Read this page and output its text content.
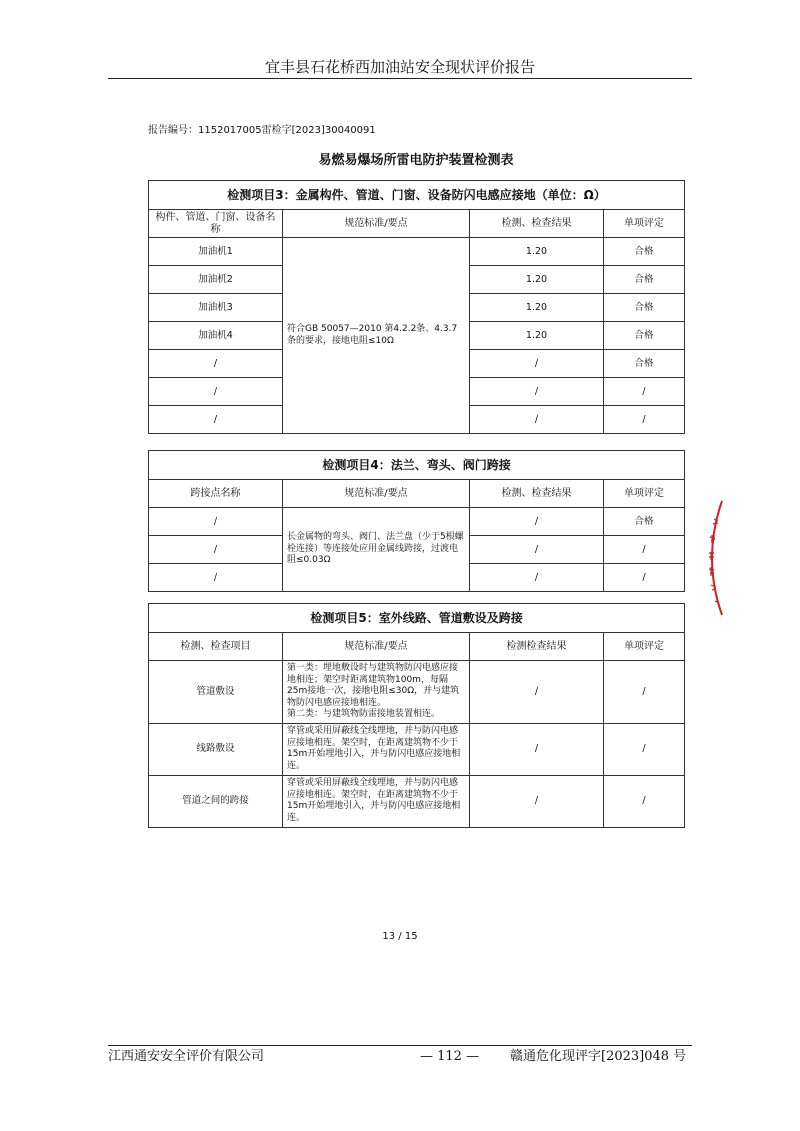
宜丰县石花桥西加油站安全现状评价报告
报告编号：1152017005雷检字[2023]30040091
易燃易爆场所雷电防护装置检测表
检测项目3：金属构件、管道、门窗、设备防闪电感应接地（单位：Ω）			
构件、管道、门窗、设备名称	规范标准/要点	检测、检查结果	单项评定
加油机1	符合GB 50057—2010 第4.2.2条、4.3.7条的要求，接地电阻≤10Ω	1.20	合格
加油机2		1.20	合格
加油机3		1.20	合格
加油机4		1.20	合格
/		/	合格
/		/	/
/		/	/
检测项目4：法兰、弯头、阀门跨接			
跨接点名称	规范标准/要点	检测、检查结果	单项评定
/	长金属物的弯头、阀门、法兰盘（少于5根螺栓连接）等连接处应用金属线跨接，过渡电阻≤0.03Ω	/	合格
/		/	/
/		/	/
检测项目5：室外线路、管道敷设及跨接			
检测、检查项目	规范标准/要点	检测检查结果	单项评定
管道敷设	第一类：埋地敷设时与建筑物防闪电感应接地相连；架空时距离建筑物100m，每隔25m接地一次，接地电阻≤30Ω，并与建筑物防闪电感应接地相连。
第二类：与建筑物防雷接地装置相连。	/	/
线路敷设	穿管或采用屏蔽线全线埋地，并与防闪电感应接地相连。架空时，在距离建筑物不少于15m开始埋地引入，并与防闪电感应接地相连。	/	/
管道之间的跨接	穿管或采用屏蔽线全线埋地，并与防闪电感应接地相连。架空时，在距离建筑物不少于15m开始埋地引入，并与防闪电感应接地相连。	/	/
13 / 15
江西通安安全评价有限公司	— 112 — 赣通危化现评字[2023]048 号
